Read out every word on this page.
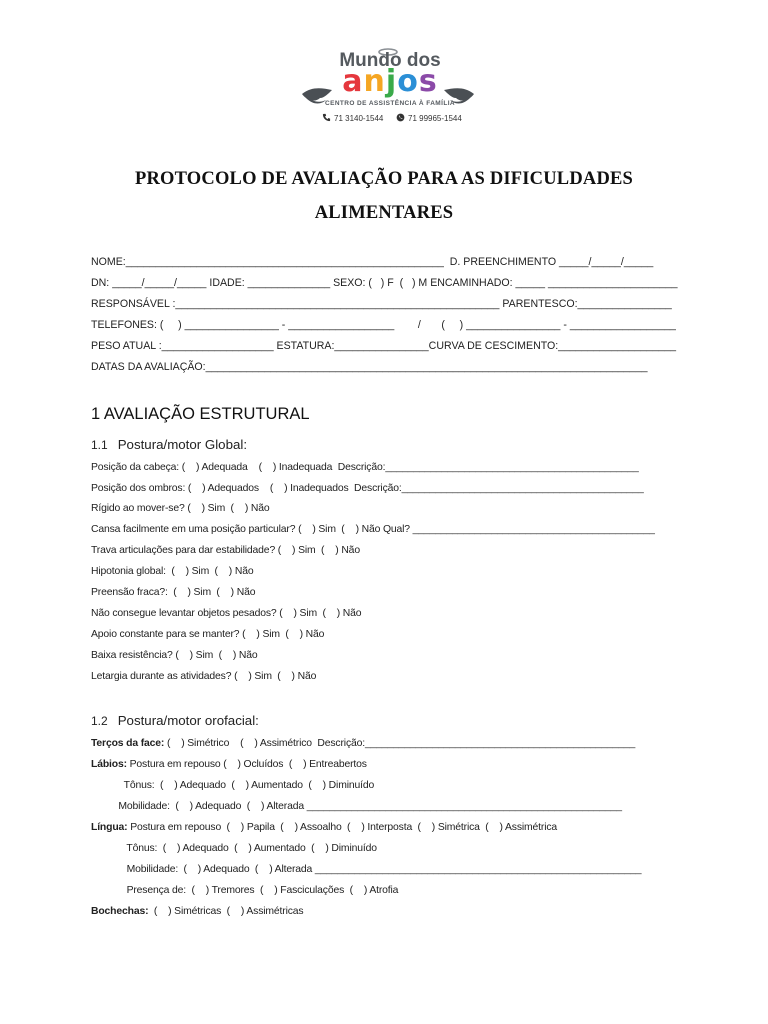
Mundo dos
anjos
CENTRO DE ASSISTÊNCIA À FAMÍLIA
71 3140-1544	71 99965-1544
PROTOCOLO DE AVALIAÇÃO PARA AS DIFICULDADES
ALIMENTARES
NOME:______________________________________________________  D. PREENCHIMENTO _____/_____/_____
DN: _____/_____/_____ IDADE: ______________ SEXO: (   ) F  (   ) M ENCAMINHADO: _____ ______________________
RESPONSÁVEL :_______________________________________________________ PARENTESCO:________________
TELEFONES: (     ) ________________ - __________________        /       (     ) ________________ - __________________
PESO ATUAL :___________________ ESTATURA:________________CURVA DE CESCIMENTO:____________________
DATAS DA AVALIAÇÃO:___________________________________________________________________________
1 AVALIAÇÃO ESTRUTURAL
1.1 Postura/motor Global:
Posição da cabeça: (    ) Adequada    (    ) Inadequada  Descrição:_____________________________________________
Posição dos ombros: (    ) Adequados    (    ) Inadequados  Descrição:___________________________________________
Rígido ao mover-se? (    ) Sim  (    ) Não
Cansa facilmente em uma posição particular? (    ) Sim  (    ) Não Qual? ___________________________________________
Trava articulações para dar estabilidade? (    ) Sim  (    ) Não
Hipotonia global:  (    ) Sim  (    ) Não
Preensão fraca?:  (    ) Sim  (    ) Não
Não consegue levantar objetos pesados? (    ) Sim  (    ) Não
Apoio constante para se manter? (    ) Sim  (    ) Não
Baixa resistência? (    ) Sim  (    ) Não
Letargia durante as atividades? (    ) Sim  (    ) Não
1.2 Postura/motor orofacial:
Terços da face: (    ) Simétrico    (    ) Assimétrico  Descrição:________________________________________________
Lábios: Postura em repouso (    ) Ocluídos  (    ) Entreabertos
Tônus:  (    ) Adequado  (    ) Aumentado  (    ) Diminuído
Mobilidade:  (    ) Adequado  (    ) Alterada ________________________________________________________
Língua: Postura em repouso  (    ) Papila  (    ) Assoalho  (    ) Interposta  (    ) Simétrica  (    ) Assimétrica
Tônus:  (    ) Adequado  (    ) Aumentado  (    ) Diminuído
Mobilidade:  (    ) Adequado  (    ) Alterada __________________________________________________________
Presença de:  (    ) Tremores  (    ) Fasciculações  (    ) Atrofia
Bochechas:  (    ) Simétricas  (    ) Assimétricas
